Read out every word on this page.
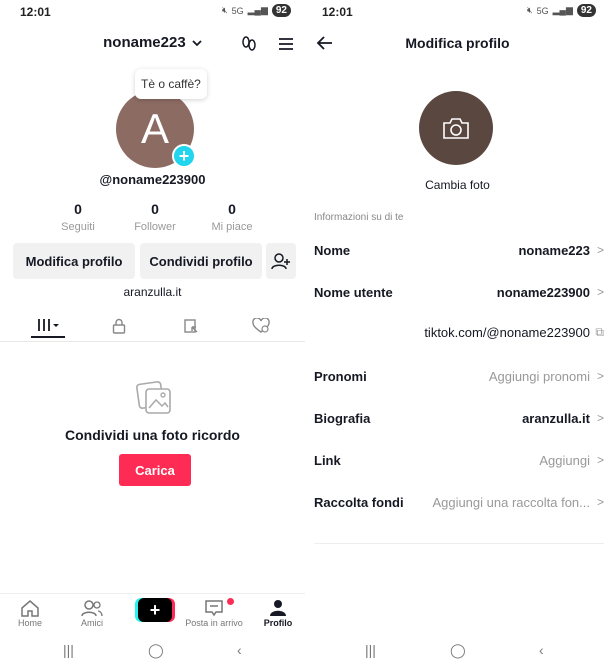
12:01	🔇︎ 5G ▂▄▆ 92
noname223
A
+
Tè o caffè?
@noname223900
0
Seguiti
0
Follower
0
Mi piace
Modifica profilo	Condividi profilo
aranzulla.it
Condividi una foto ricordo
Carica
Home	Amici	Posta in arrivo	Profilo
+
|||	◯	‹
12:01	🔇︎ 5G ▂▄▆ 92
Modifica profilo
Cambia foto
Informazioni su di te
Nome	noname223 >
Nome utente	noname223900 >
tiktok.com/@noname223900 ⧉
Pronomi	Aggiungi pronomi >
Biografia	aranzulla.it >
Link	Aggiungi >
Raccolta fondi	Aggiungi una raccolta fon... >
|||	◯	‹
